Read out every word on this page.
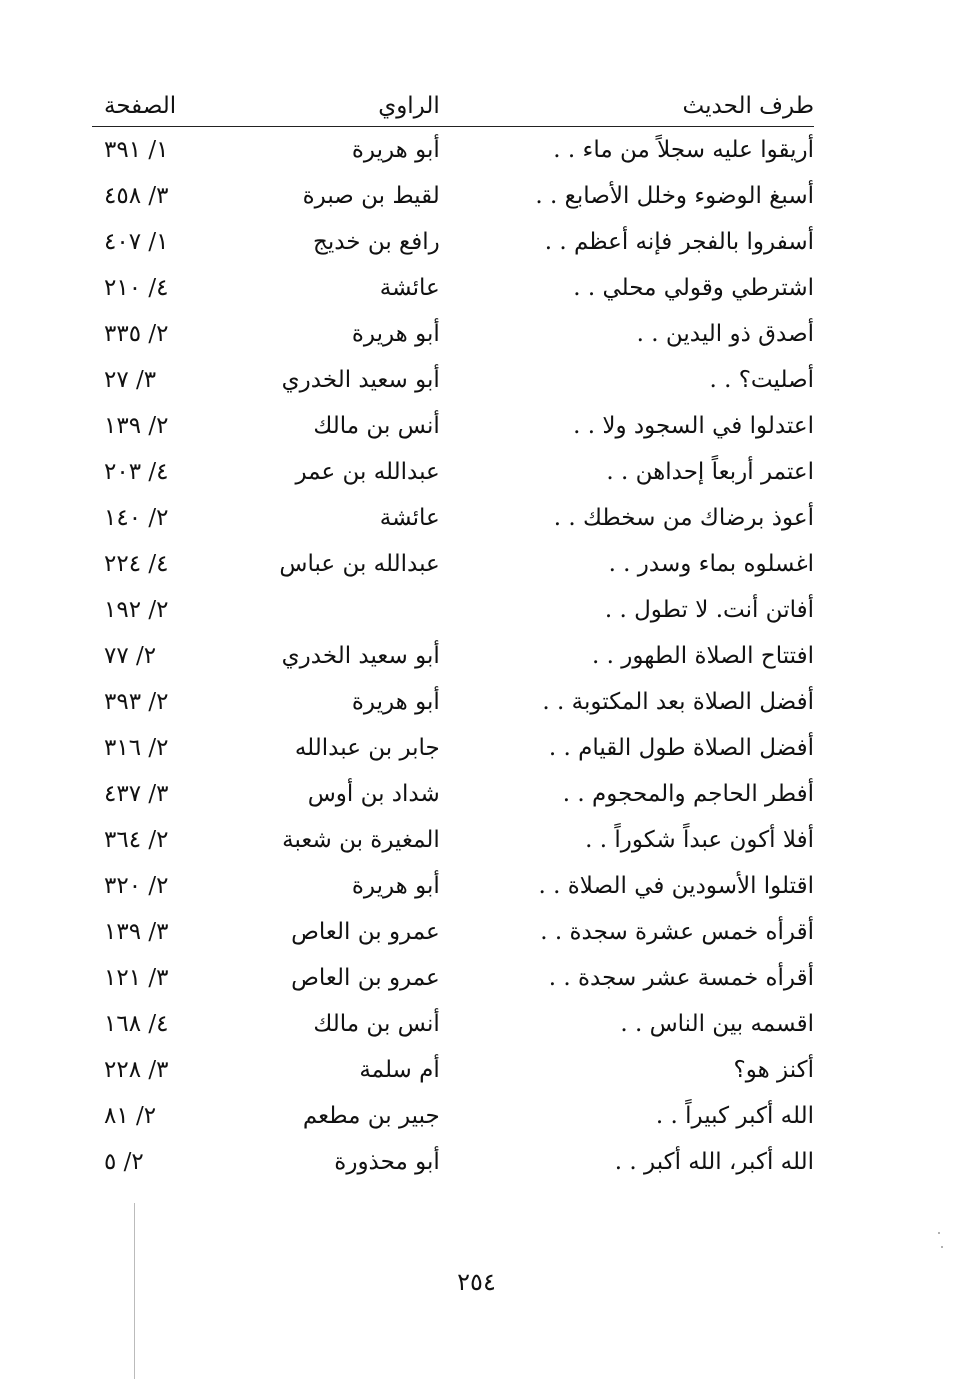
طرف الحديث	الراوي	الصفحة
أريقوا عليه سجلاً من ماء . .	أبو هريرة	١/ ٣٩١
أسبغ الوضوء وخلل الأصابع . .	لقيط بن صبرة	٣/ ٤٥٨
أسفروا بالفجر فإنه أعظم . .	رافع بن خديج	١/ ٤٠٧
اشترطي وقولي محلي . .	عائشة	٤/ ٢١٠
أصدق ذو اليدين . .	أبو هريرة	٢/ ٣٣٥
أصليت؟ . .	أبو سعيد الخدري	٣/ ٢٧
اعتدلوا في السجود ولا . .	أنس بن مالك	٢/ ١٣٩
اعتمر أربعاً إحداهن . .	عبدالله بن عمر	٤/ ٢٠٣
أعوذ برضاك من سخطك . .	عائشة	٢/ ١٤٠
اغسلوه بماء وسدر . .	عبدالله بن عباس	٤/ ٢٢٤
أفاتن أنت. لا تطول . .		٢/ ١٩٢
افتتاح الصلاة الطهور . .	أبو سعيد الخدري	٢/ ٧٧
أفضل الصلاة بعد المكتوبة . .	أبو هريرة	٢/ ٣٩٣
أفضل الصلاة طول القيام . .	جابر بن عبدالله	٢/ ٣١٦
أفطر الحاجم والمحجوم . .	شداد بن أوس	٣/ ٤٣٧
أفلا أكون عبداً شكوراً . .	المغيرة بن شعبة	٢/ ٣٦٤
اقتلوا الأسودين في الصلاة . .	أبو هريرة	٢/ ٣٢٠
أقرأه خمس عشرة سجدة . .	عمرو بن العاص	٣/ ١٣٩
أقرأه خمسة عشر سجدة . .	عمرو بن العاص	٣/ ١٢١
اقسمه بين الناس . .	أنس بن مالك	٤/ ١٦٨
أكنز هو؟	أم سلمة	٣/ ٢٢٨
الله أكبر كبيراً . .	جبير بن مطعم	٢/ ٨١
الله أكبر، الله أكبر . .	أبو محذورة	٢/ ٥
٢٥٤
